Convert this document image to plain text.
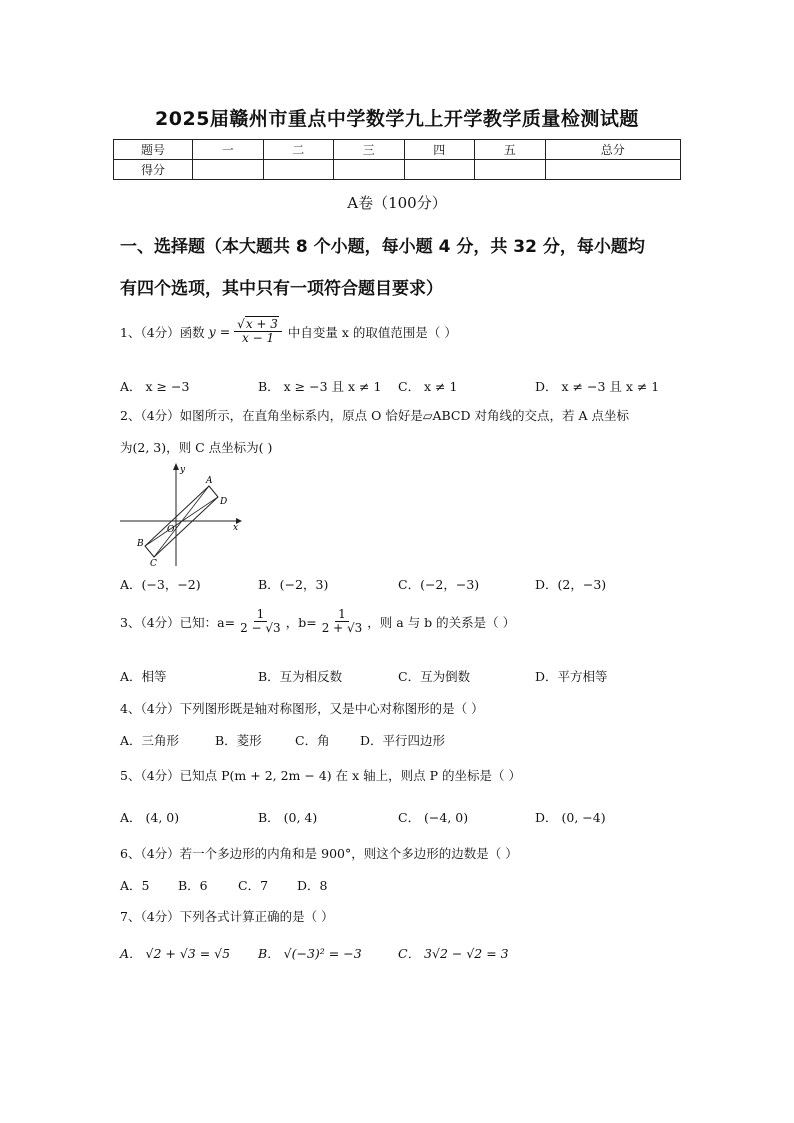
2025届赣州市重点中学数学九上开学教学质量检测试题
题号	一	二	三	四	五	总分
得分						
A卷（100分）
一、选择题（本大题共 8 个小题，每小题 4 分，共 32 分，每小题均
有四个选项，其中只有一项符合题目要求）
1、（4分）函数 y = √ $\frac{x + 3}{x - 1}$ 中自变量 x 的取值范围是（ ）
A． x ≥ −3	B． x ≥ −3 且 x ≠ 1 C． x ≠ 1	D． x ≠ −3 且 x ≠ 1
2、（4分）如图所示，在直角坐标系内，原点 O 恰好是▱ABCD 对角线的交点，若 A 点坐标
为(2, 3)，则 C 点坐标为( )
y
x
O
A
D
B
C
A．(−3，−2)	B．(−2，3)	C．(−2，−3)	D．(2，−3)
3、（4分）已知：$a= \frac{1}{2 - √3}$ ，$b= \frac{1}{2 + √3}$ ，则 a 与 b 的关系是（ ）
A．相等	B．互为相反数	C．互为倒数	D．平方相等
4、（4分）下列图形既是轴对称图形，又是中心对称图形的是（ ）
A．三角形	B．菱形	C．角 D．平行四边形
5、（4分）已知点 P(m + 2, 2m − 4) 在 x 轴上，则点 P 的坐标是（ ）
A． (4, 0)	B． (0, 4)	C． (−4, 0)	D． (0, −4)
6、（4分）若一个多边形的内角和是 900°，则这个多边形的边数是（ ）
A．5 B．6 C．7 D．8
7、（4分）下列各式计算正确的是（ ）
A． √2 + √3 = √5 B． √(−3)² = −3	C． 3√2 − √2 = 3
